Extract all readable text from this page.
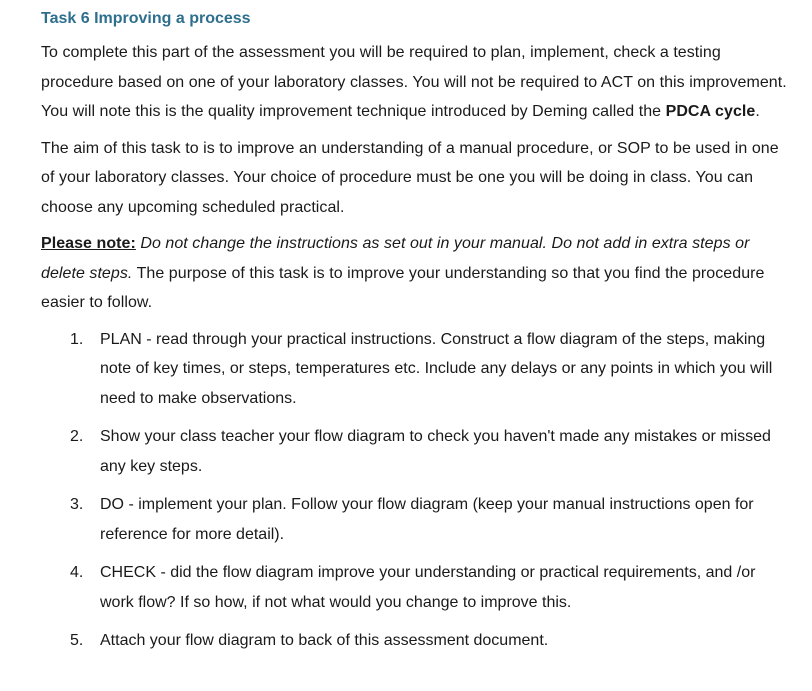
Task 6 Improving a process

To complete this part of the assessment you will be required to plan, implement, check a testing procedure based on one of your laboratory classes. You will not be required to ACT on this improvement. You will note this is the quality improvement technique introduced by Deming called the PDCA cycle.

The aim of this task to is to improve an understanding of a manual procedure, or SOP to be used in one of your laboratory classes. Your choice of procedure must be one you will be doing in class. You can choose any upcoming scheduled practical.

Please note: Do not change the instructions as set out in your manual. Do not add in extra steps or delete steps. The purpose of this task is to improve your understanding so that you find the procedure easier to follow.

1. PLAN - read through your practical instructions. Construct a flow diagram of the steps, making note of key times, or steps, temperatures etc. Include any delays or any points in which you will need to make observations.
2. Show your class teacher your flow diagram to check you haven't made any mistakes or missed any key steps.
3. DO - implement your plan. Follow your flow diagram (keep your manual instructions open for reference for more detail).
4. CHECK - did the flow diagram improve your understanding or practical requirements, and /or work flow? If so how, if not what would you change to improve this.
5. Attach your flow diagram to back of this assessment document.
